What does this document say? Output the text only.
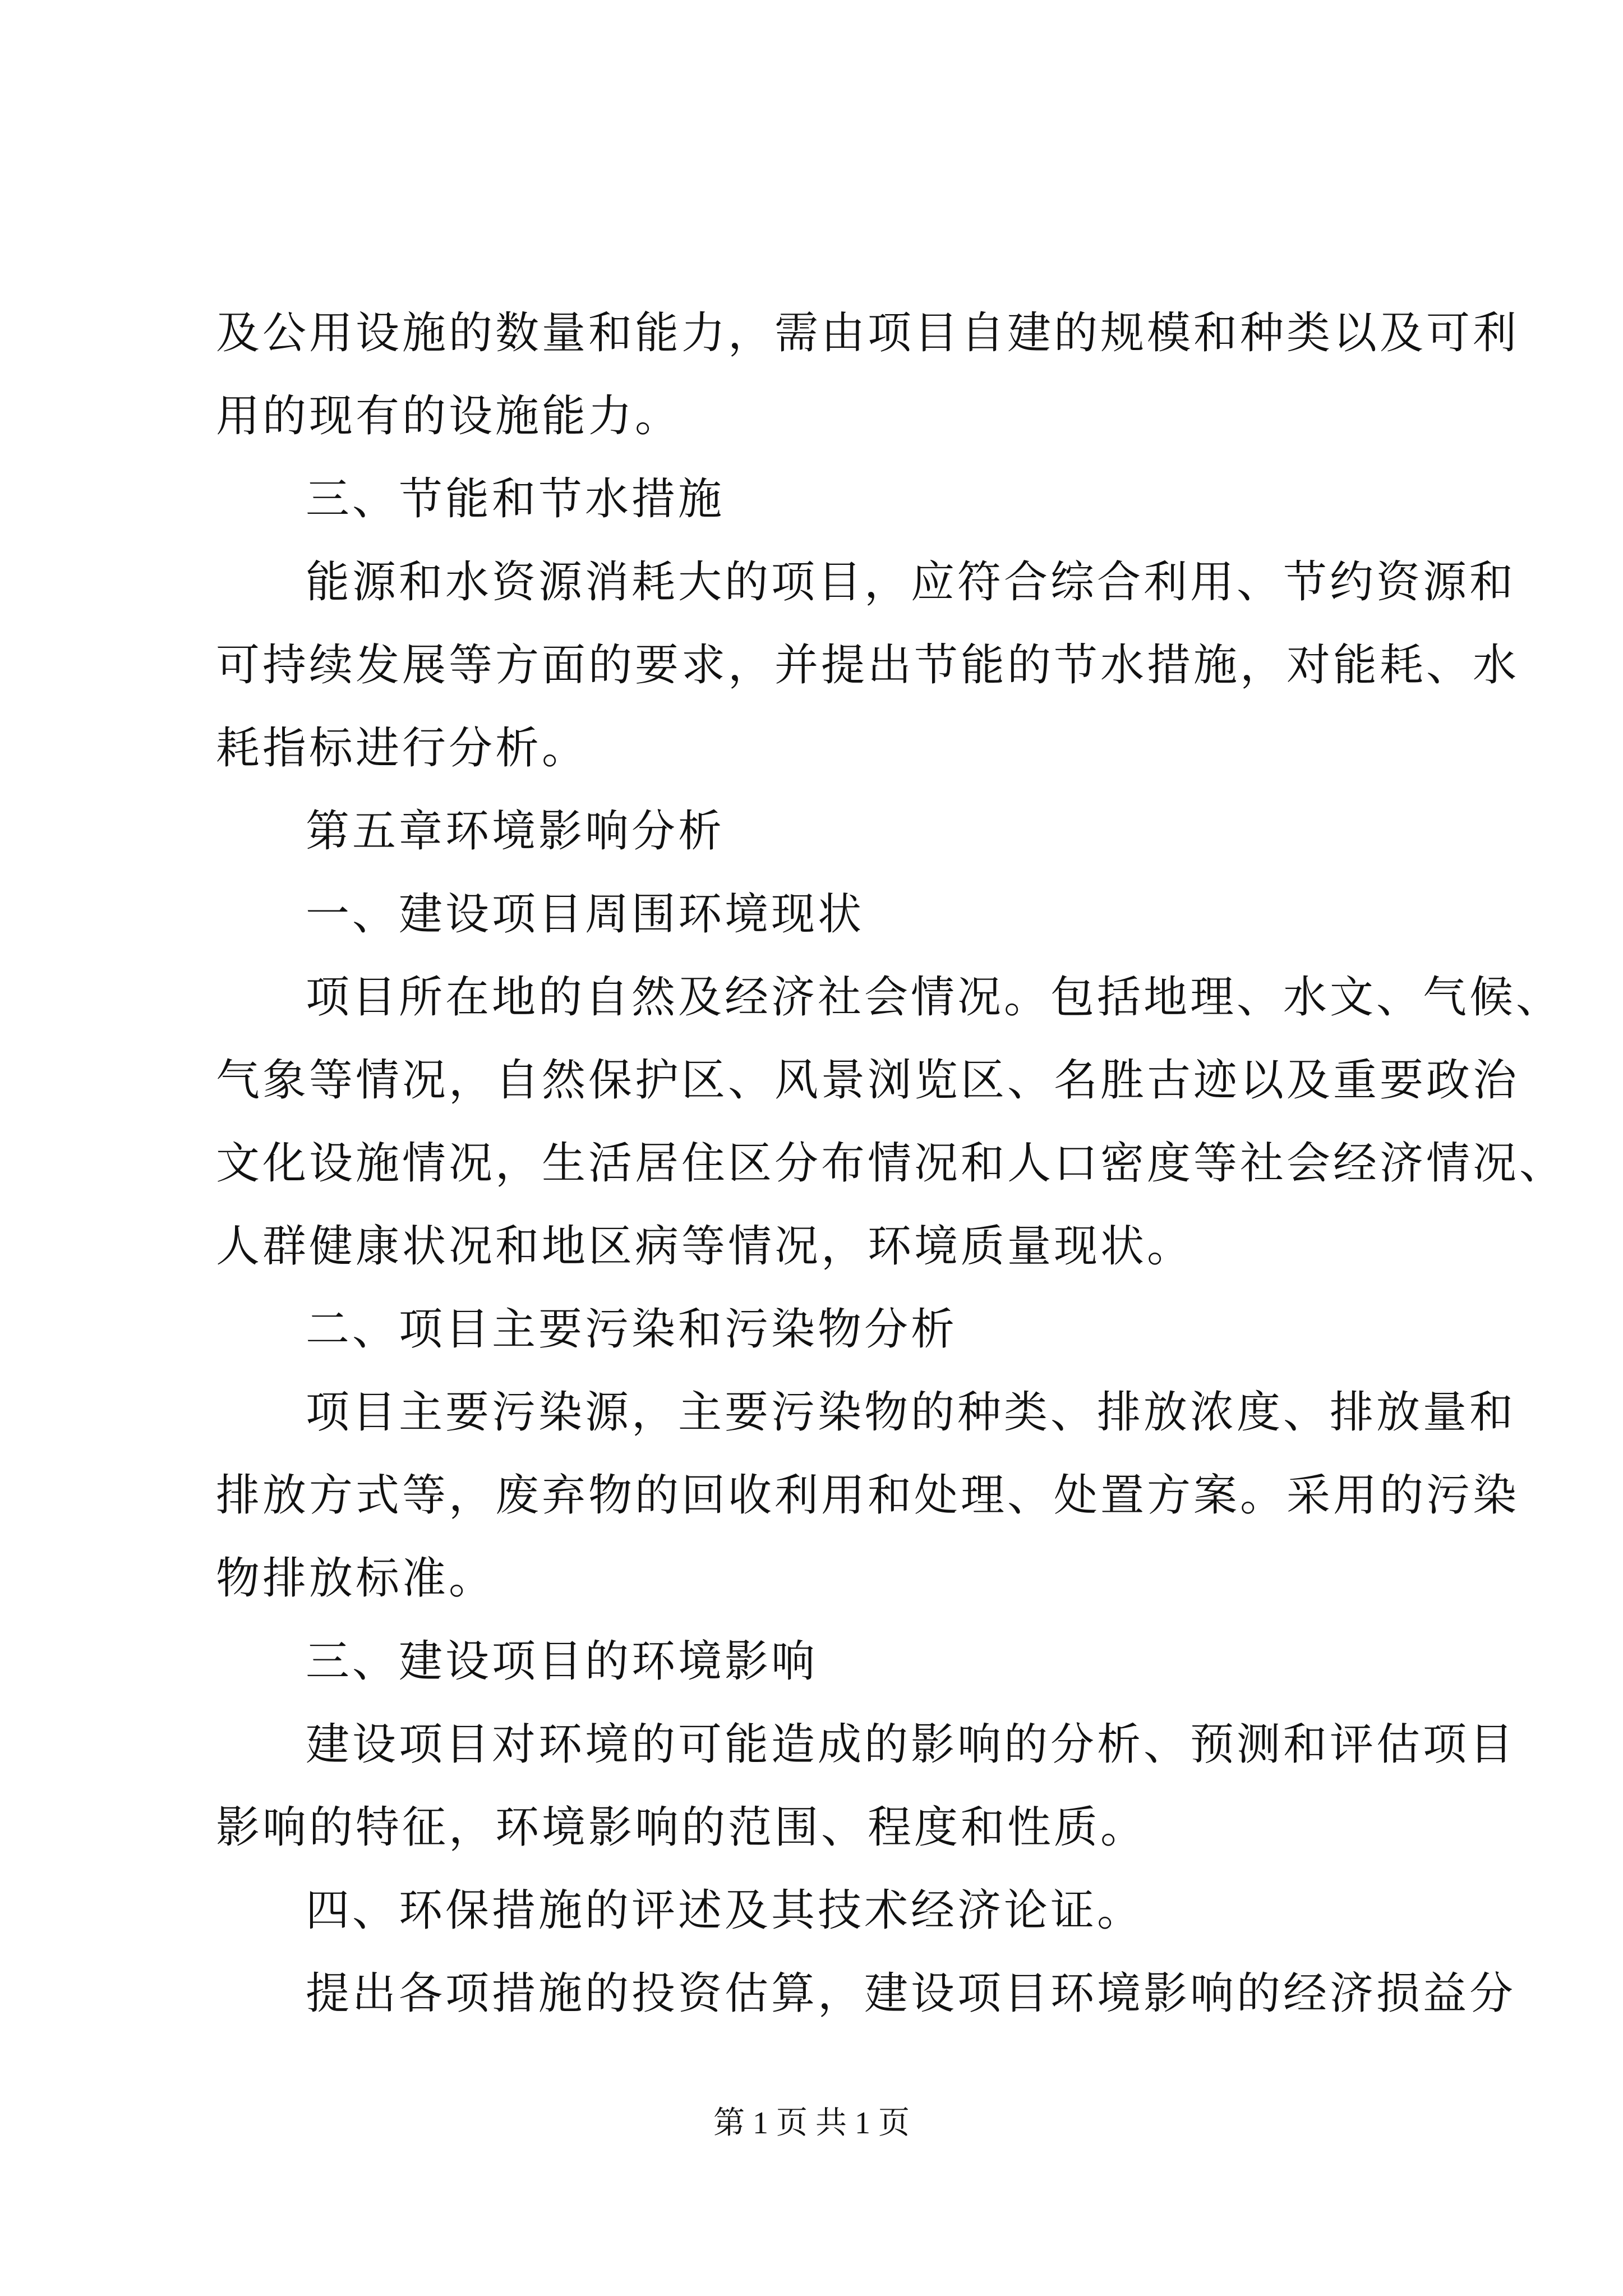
及公用设施的数量和能力，需由项目自建的规模和种类以及可利
用的现有的设施能力。
三、节能和节水措施
能源和水资源消耗大的项目，应符合综合利用、节约资源和
可持续发展等方面的要求，并提出节能的节水措施，对能耗、水
耗指标进行分析。
第五章环境影响分析
一、建设项目周围环境现状
项目所在地的自然及经济社会情况。包括地理、水文、气候、
气象等情况，自然保护区、风景浏览区、名胜古迹以及重要政治
文化设施情况，生活居住区分布情况和人口密度等社会经济情况、
人群健康状况和地区病等情况，环境质量现状。
二、项目主要污染和污染物分析
项目主要污染源，主要污染物的种类、排放浓度、排放量和
排放方式等，废弃物的回收利用和处理、处置方案。采用的污染
物排放标准。
三、建设项目的环境影响
建设项目对环境的可能造成的影响的分析、预测和评估项目
影响的特征，环境影响的范围、程度和性质。
四、环保措施的评述及其技术经济论证。
提出各项措施的投资估算，建设项目环境影响的经济损益分
第 1 页 共 1 页
